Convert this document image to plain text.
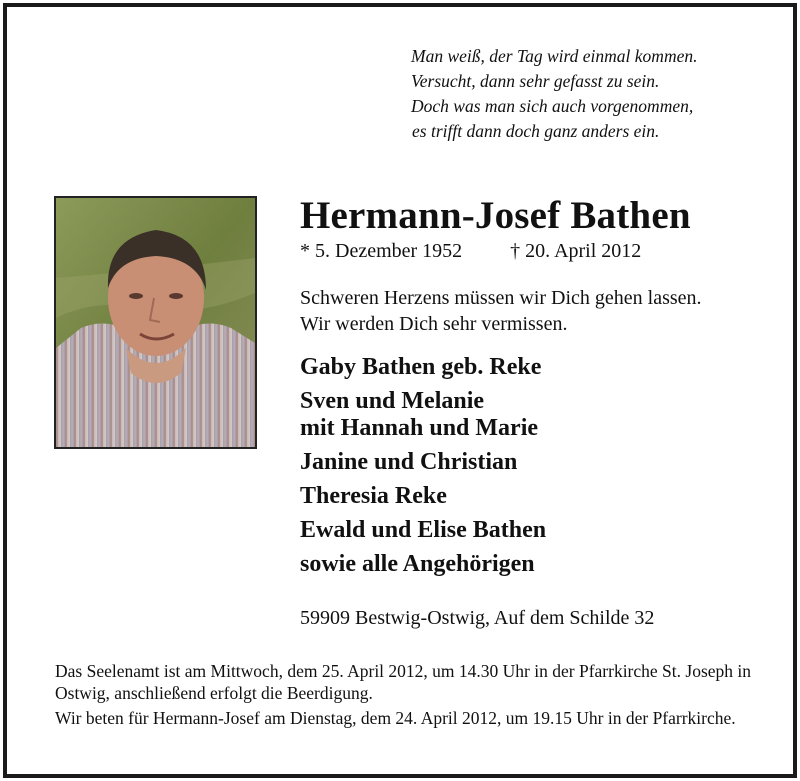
Man weiß, der Tag wird einmal kommen.
Versucht, dann sehr gefasst zu sein.
Doch was man sich auch vorgenommen,
es trifft dann doch ganz anders ein.
Hermann-Josef Bathen
* 5. Dezember 1952 † 20. April 2012
Schweren Herzens müssen wir Dich gehen lassen.
Wir werden Dich sehr vermissen.
Gaby Bathen geb. Reke
Sven und Melanie
mit Hannah und Marie
Janine und Christian
Theresia Reke
Ewald und Elise Bathen
sowie alle Angehörigen
59909 Bestwig-Ostwig, Auf dem Schilde 32

Das Seelenamt ist am Mittwoch, dem 25. April 2012, um 14.30 Uhr in der Pfarrkirche St. Joseph in Ostwig, anschließend erfolgt die Beerdigung.

Wir beten für Hermann-Josef am Dienstag, dem 24. April 2012, um 19.15 Uhr in der Pfarrkirche.
